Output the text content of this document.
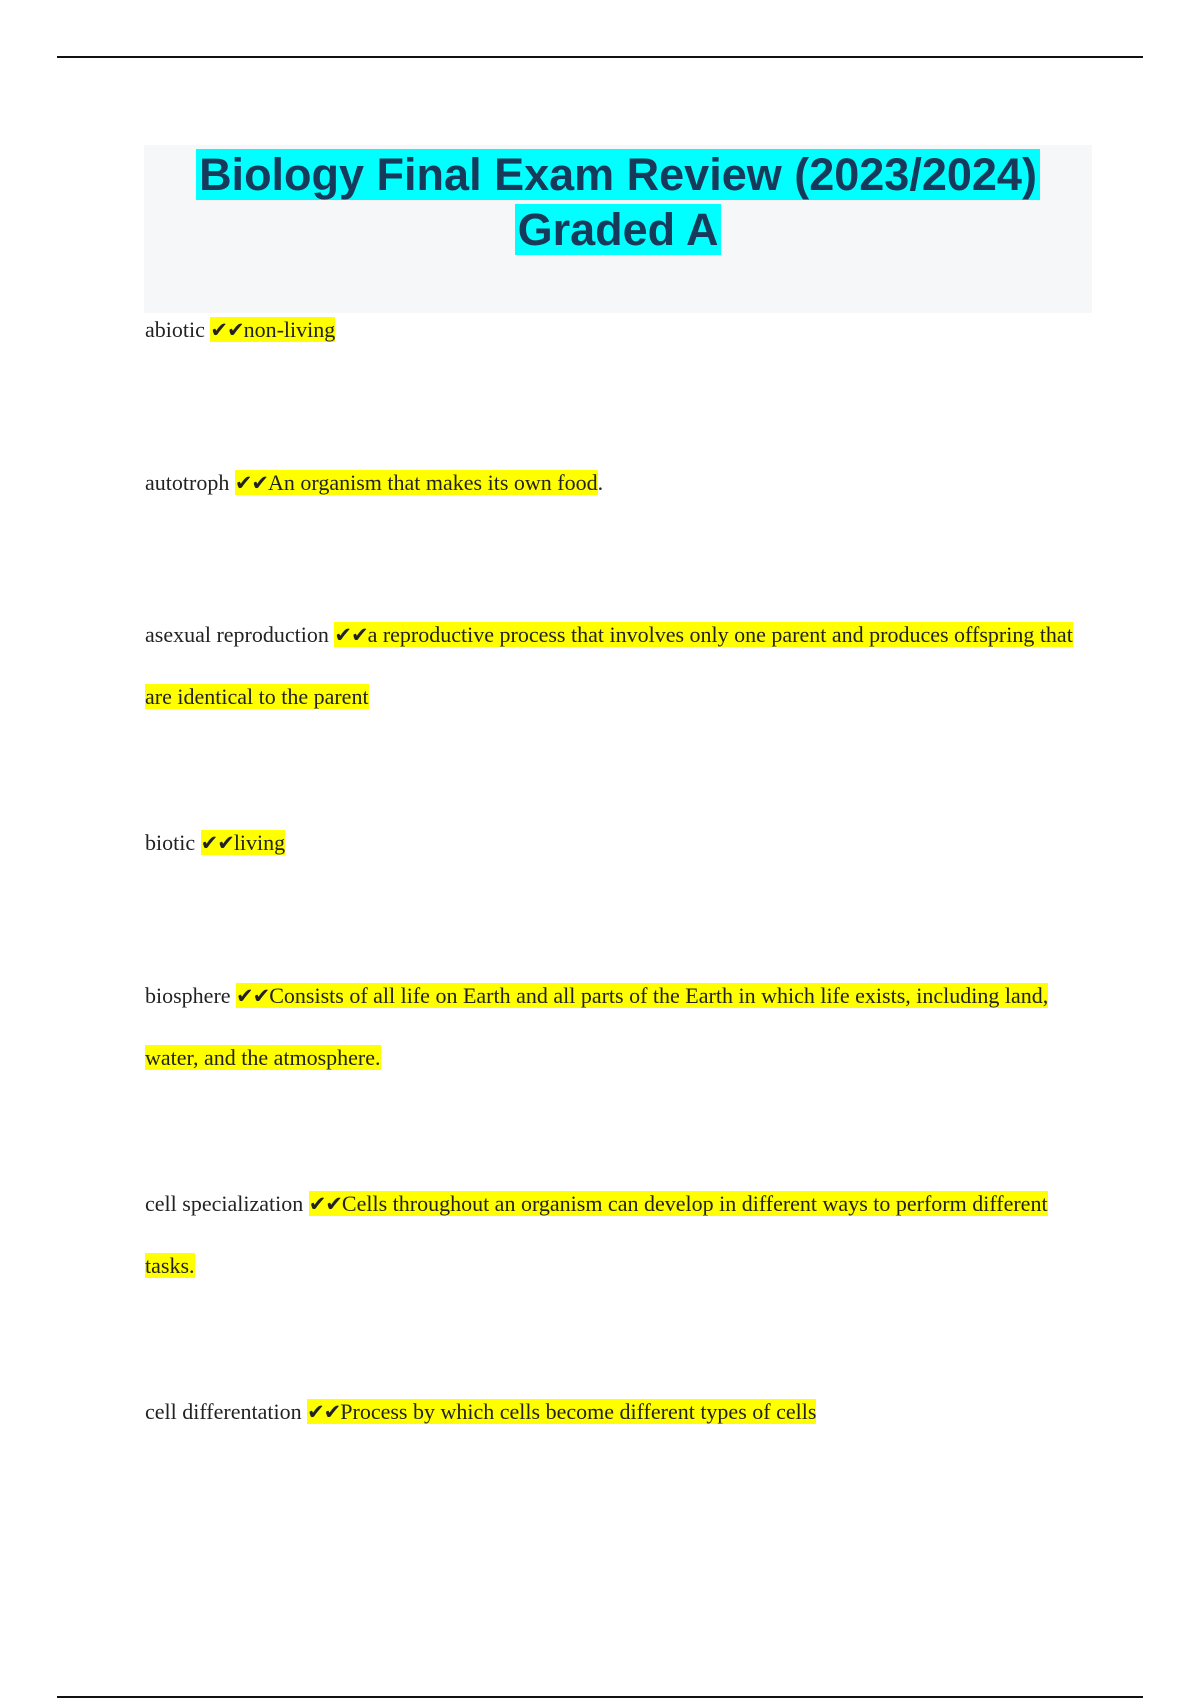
Biology Final Exam Review (2023/2024)
Graded A

abiotic ✔✔non-living

autotroph ✔✔An organism that makes its own food.

asexual reproduction ✔✔a reproductive process that involves only one parent and produces offspring that are identical to the parent

biotic ✔✔living

biosphere ✔✔Consists of all life on Earth and all parts of the Earth in which life exists, including land, water, and the atmosphere.

cell specialization ✔✔Cells throughout an organism can develop in different ways to perform different tasks.

cell differentation ✔✔Process by which cells become different types of cells
